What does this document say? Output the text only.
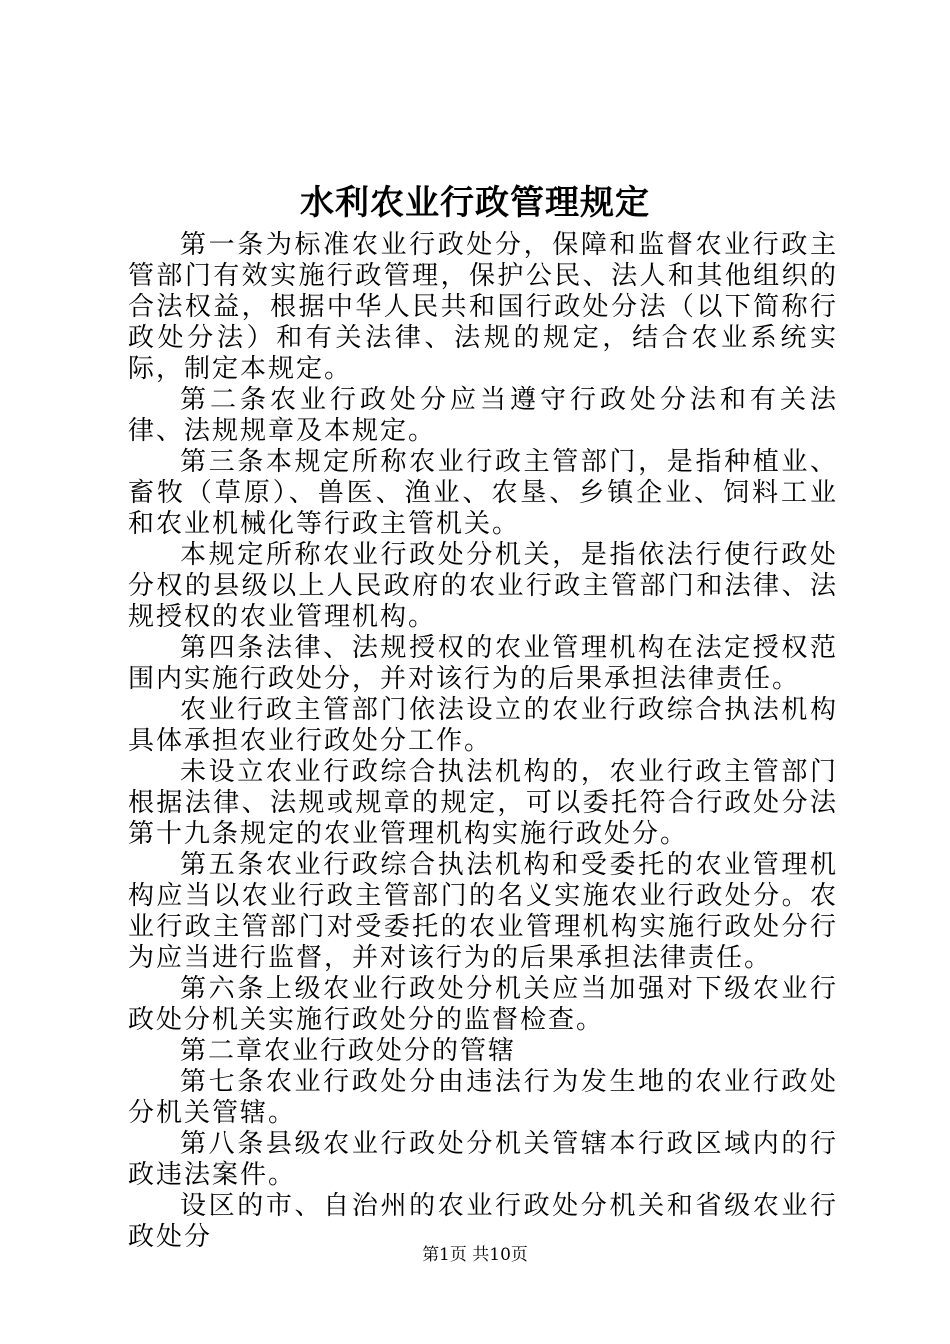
水利农业行政管理规定

第一条为标准农业行政处分，保障和监督农业行政主管部门有效实施行政管理，保护公民、法人和其他组织的合法权益，根据中华人民共和国行政处分法（以下简称行政处分法）和有关法律、法规的规定，结合农业系统实际，制定本规定。

第二条农业行政处分应当遵守行政处分法和有关法律、法规规章及本规定。

第三条本规定所称农业行政主管部门，是指种植业、畜牧（草原）、兽医、渔业、农垦、乡镇企业、饲料工业和农业机械化等行政主管机关。

本规定所称农业行政处分机关，是指依法行使行政处分权的县级以上人民政府的农业行政主管部门和法律、法规授权的农业管理机构。

第四条法律、法规授权的农业管理机构在法定授权范围内实施行政处分，并对该行为的后果承担法律责任。

农业行政主管部门依法设立的农业行政综合执法机构具体承担农业行政处分工作。

未设立农业行政综合执法机构的，农业行政主管部门根据法律、法规或规章的规定，可以委托符合行政处分法第十九条规定的农业管理机构实施行政处分。

第五条农业行政综合执法机构和受委托的农业管理机构应当以农业行政主管部门的名义实施农业行政处分。农业行政主管部门对受委托的农业管理机构实施行政处分行为应当进行监督，并对该行为的后果承担法律责任。

第六条上级农业行政处分机关应当加强对下级农业行政处分机关实施行政处分的监督检查。

第二章农业行政处分的管辖

第七条农业行政处分由违法行为发生地的农业行政处分机关管辖。

第八条县级农业行政处分机关管辖本行政区域内的行政违法案件。

设区的市、自治州的农业行政处分机关和省级农业行政处分

第1页 共10页
